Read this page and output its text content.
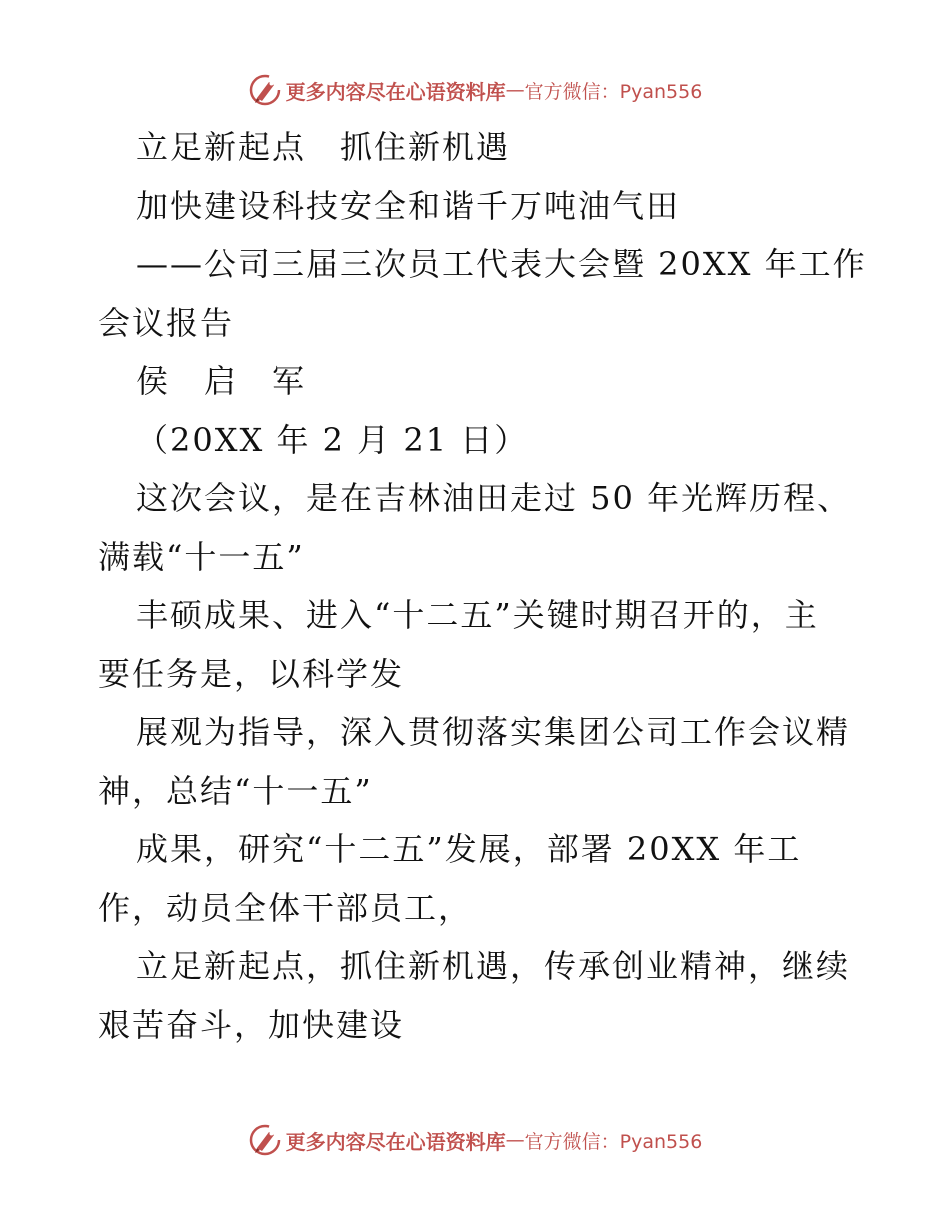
更多内容尽在心语资料库 — 官方微信：Pyan556

立足新起点　抓住新机遇

加快建设科技安全和谐千万吨油气田

——公司三届三次员工代表大会暨 20XX 年工作

会议报告

侯　启　军

（20XX 年 2 月 21 日）

这次会议，是在吉林油田走过 50 年光辉历程、

满载“十一五”

丰硕成果、进入“十二五”关键时期召开的，主

要任务是，以科学发

展观为指导，深入贯彻落实集团公司工作会议精

神，总结“十一五”

成果，研究“十二五”发展，部署 20XX 年工

作，动员全体干部员工，

立足新起点，抓住新机遇，传承创业精神，继续

艰苦奋斗，加快建设

更多内容尽在心语资料库 — 官方微信：Pyan556
